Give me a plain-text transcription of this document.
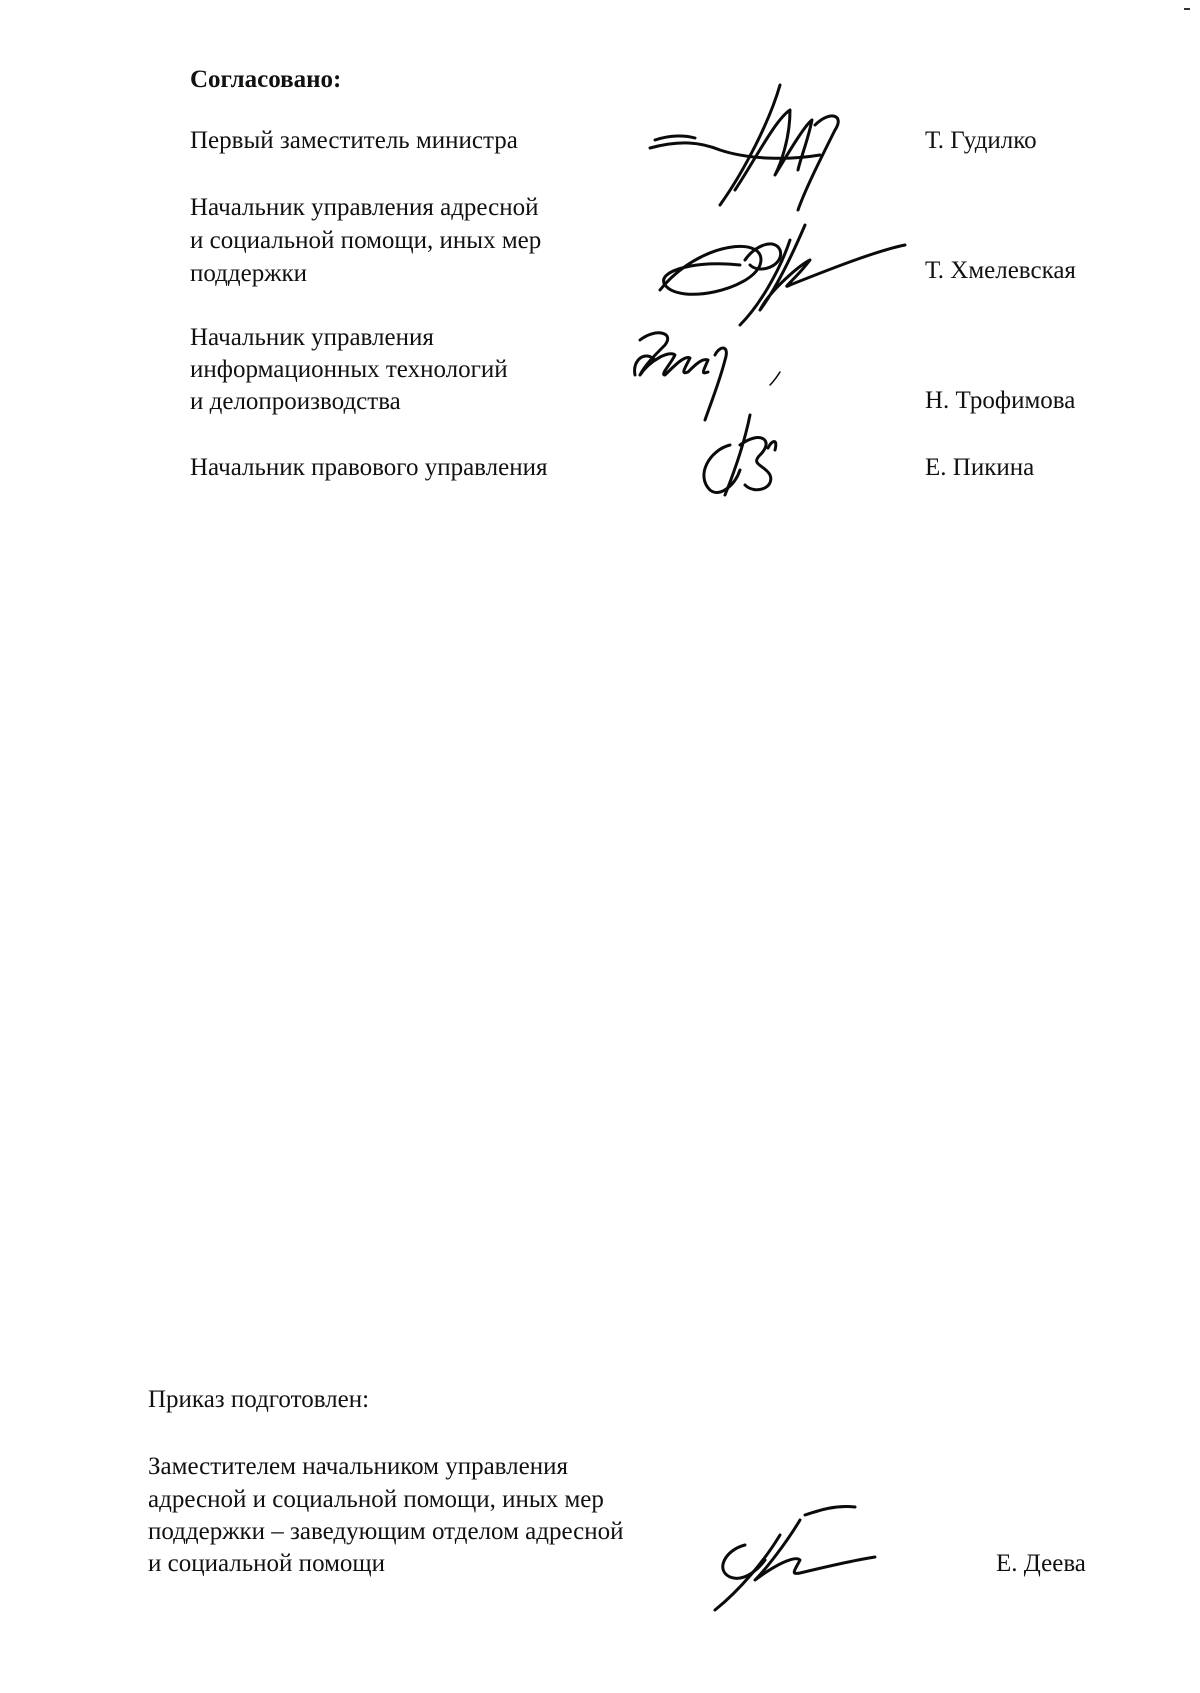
Согласовано:
Первый заместитель министра	Т. Гудилко
Начальник управления адресной
и социальной помощи, иных мер
поддержки	Т. Хмелевская
Начальник управления
информационных технологий
и делопроизводства	Н. Трофимова
Начальник правового управления	Е. Пикина
Приказ подготовлен:
Заместителем начальником управления
адресной и социальной помощи, иных мер
поддержки – заведующим отделом адресной
и социальной помощи	Е. Деева
